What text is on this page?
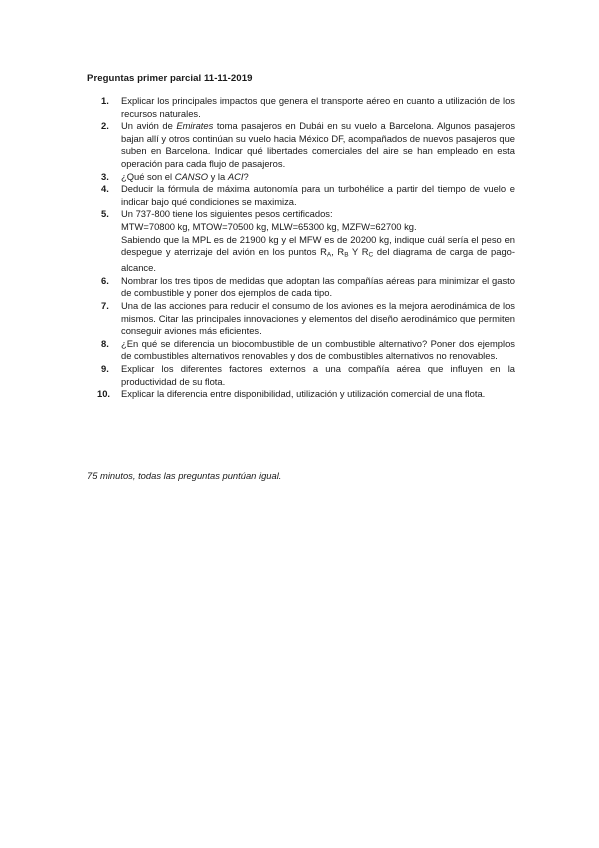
Preguntas primer parcial 11-11-2019
1. Explicar los principales impactos que genera el transporte aéreo en cuanto a utilización de los recursos naturales.
2. Un avión de Emirates toma pasajeros en Dubái en su vuelo a Barcelona. Algunos pasajeros bajan allí y otros continúan su vuelo hacia México DF, acompañados de nuevos pasajeros que suben en Barcelona. Indicar qué libertades comerciales del aire se han empleado en esta operación para cada flujo de pasajeros.
3. ¿Qué son el CANSO y la ACI?
4. Deducir la fórmula de máxima autonomía para un turbohélice a partir del tiempo de vuelo e indicar bajo qué condiciones se maximiza.
5. Un 737-800 tiene los siguientes pesos certificados:
MTW=70800 kg, MTOW=70500 kg, MLW=65300 kg, MZFW=62700 kg.
Sabiendo que la MPL es de 21900 kg y el MFW es de 20200 kg, indique cuál sería el peso en despegue y aterrizaje del avión en los puntos $R_A$, $R_B$ Y $R_C$ del diagrama de carga de pago-alcance.
6. Nombrar los tres tipos de medidas que adoptan las compañías aéreas para minimizar el gasto de combustible y poner dos ejemplos de cada tipo.
7. Una de las acciones para reducir el consumo de los aviones es la mejora aerodinámica de los mismos. Citar las principales innovaciones y elementos del diseño aerodinámico que permiten conseguir aviones más eficientes.
8. ¿En qué se diferencia un biocombustible de un combustible alternativo? Poner dos ejemplos de combustibles alternativos renovables y dos de combustibles alternativos no renovables.
9. Explicar los diferentes factores externos a una compañía aérea que influyen en la productividad de su flota.
10. Explicar la diferencia entre disponibilidad, utilización y utilización comercial de una flota.
75 minutos, todas las preguntas puntúan igual.
